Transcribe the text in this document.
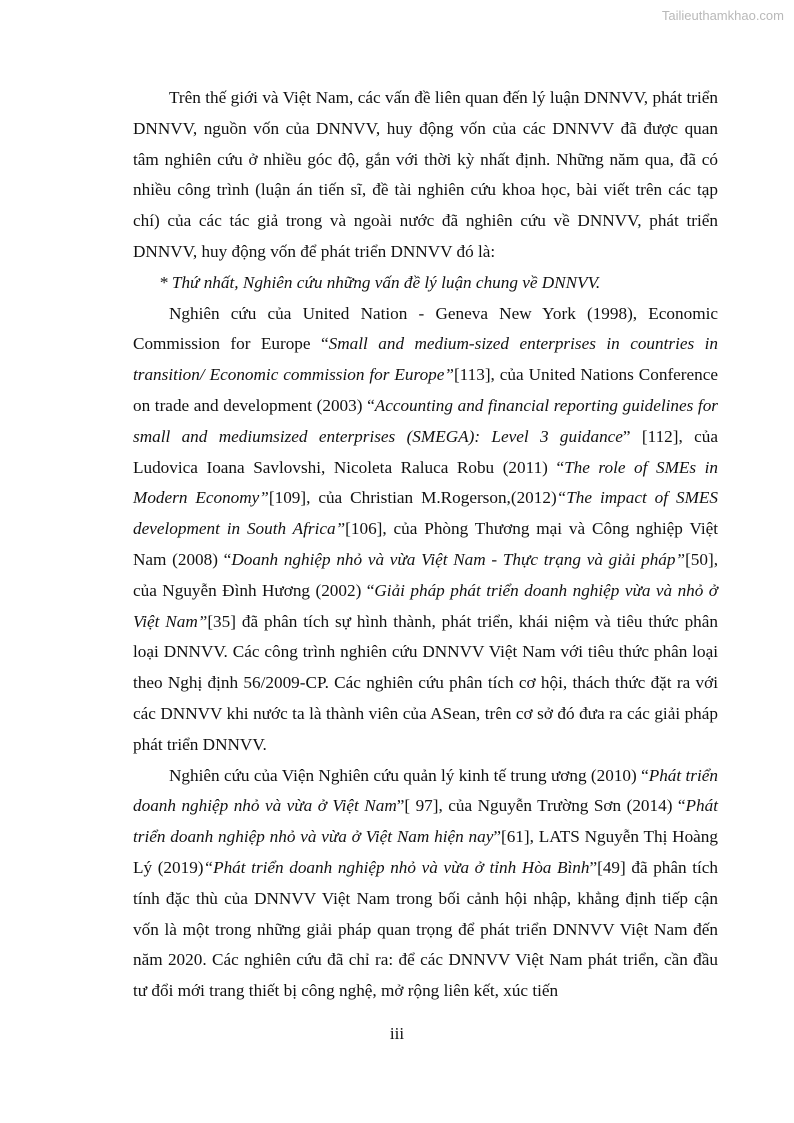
Tailieuthamkhao.com
Trên thế giới và Việt Nam, các vấn đề liên quan đến lý luận DNNVV, phát triển DNNVV, nguồn vốn của DNNVV, huy động vốn của các DNNVV đã được quan tâm nghiên cứu ở nhiều góc độ, gắn với thời kỳ nhất định. Những năm qua, đã có nhiều công trình (luận án tiến sĩ, đề tài nghiên cứu khoa học, bài viết trên các tạp chí) của các tác giả trong và ngoài nước đã nghiên cứu về DNNVV, phát triển DNNVV, huy động vốn để phát triển DNNVV đó là:
* Thứ nhất, Nghiên cứu những vấn đề lý luận chung về DNNVV.
Nghiên cứu của United Nation - Geneva New York (1998), Economic Commission for Europe “Small and medium-sized enterprises in countries in transition/ Economic commission for Europe”[113], của United Nations Conference on trade and development (2003) “Accounting and financial reporting guidelines for small and mediumsized enterprises (SMEGA): Level 3 guidance” [112], của Ludovica Ioana Savlovshi, Nicoleta Raluca Robu (2011) “The role of SMEs in Modern Economy”[109], của Christian M.Rogerson,(2012)“The impact of SMES development in South Africa”[106], của Phòng Thương mại và Công nghiệp Việt Nam (2008) “Doanh nghiệp nhỏ và vừa Việt Nam - Thực trạng và giải pháp”[50], của Nguyễn Đình Hương (2002) “Giải pháp phát triển doanh nghiệp vừa và nhỏ ở Việt Nam”[35] đã phân tích sự hình thành, phát triển, khái niệm và tiêu thức phân loại DNNVV. Các công trình nghiên cứu DNNVV Việt Nam với tiêu thức phân loại theo Nghị định 56/2009-CP. Các nghiên cứu phân tích cơ hội, thách thức đặt ra với các DNNVV khi nước ta là thành viên của ASean, trên cơ sở đó đưa ra các giải pháp phát triển DNNVV.
Nghiên cứu của Viện Nghiên cứu quản lý kinh tế trung ương (2010) “Phát triển doanh nghiệp nhỏ và vừa ở Việt Nam”[ 97], của Nguyễn Trường Sơn (2014) “Phát triển doanh nghiệp nhỏ và vừa ở Việt Nam hiện nay”[61], LATS Nguyễn Thị Hoàng Lý (2019)“Phát triển doanh nghiệp nhỏ và vừa ở tỉnh Hòa Bình”[49] đã phân tích tính đặc thù của DNNVV Việt Nam trong bối cảnh hội nhập, khẳng định tiếp cận vốn là một trong những giải pháp quan trọng để phát triển DNNVV Việt Nam đến năm 2020. Các nghiên cứu đã chỉ ra: để các DNNVV Việt Nam phát triển, cần đầu tư đổi mới trang thiết bị công nghệ, mở rộng liên kết, xúc tiến
iii
